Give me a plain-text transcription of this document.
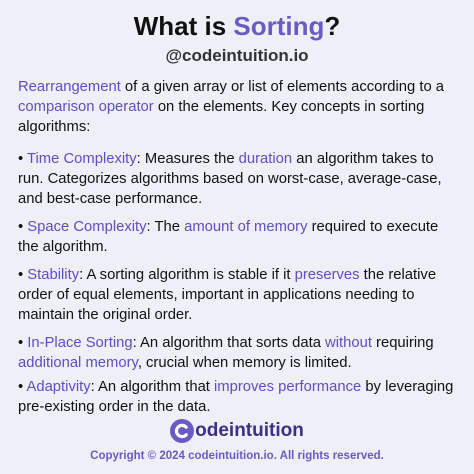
What is Sorting?
@codeintuition.io

Rearrangement of a given array or list of elements according to a comparison operator on the elements. Key concepts in sorting algorithms:

• Time Complexity: Measures the duration an algorithm takes to run. Categorizes algorithms based on worst-case, average-case, and best-case performance.

• Space Complexity: The amount of memory required to execute the algorithm.

• Stability: A sorting algorithm is stable if it preserves the relative order of equal elements, important in applications needing to maintain the original order.

• In-Place Sorting: An algorithm that sorts data without requiring additional memory, crucial when memory is limited.

• Adaptivity: An algorithm that improves performance by leveraging pre-existing order in the data.

odeintuition
Copyright © 2024 codeintuition.io. All rights reserved.
